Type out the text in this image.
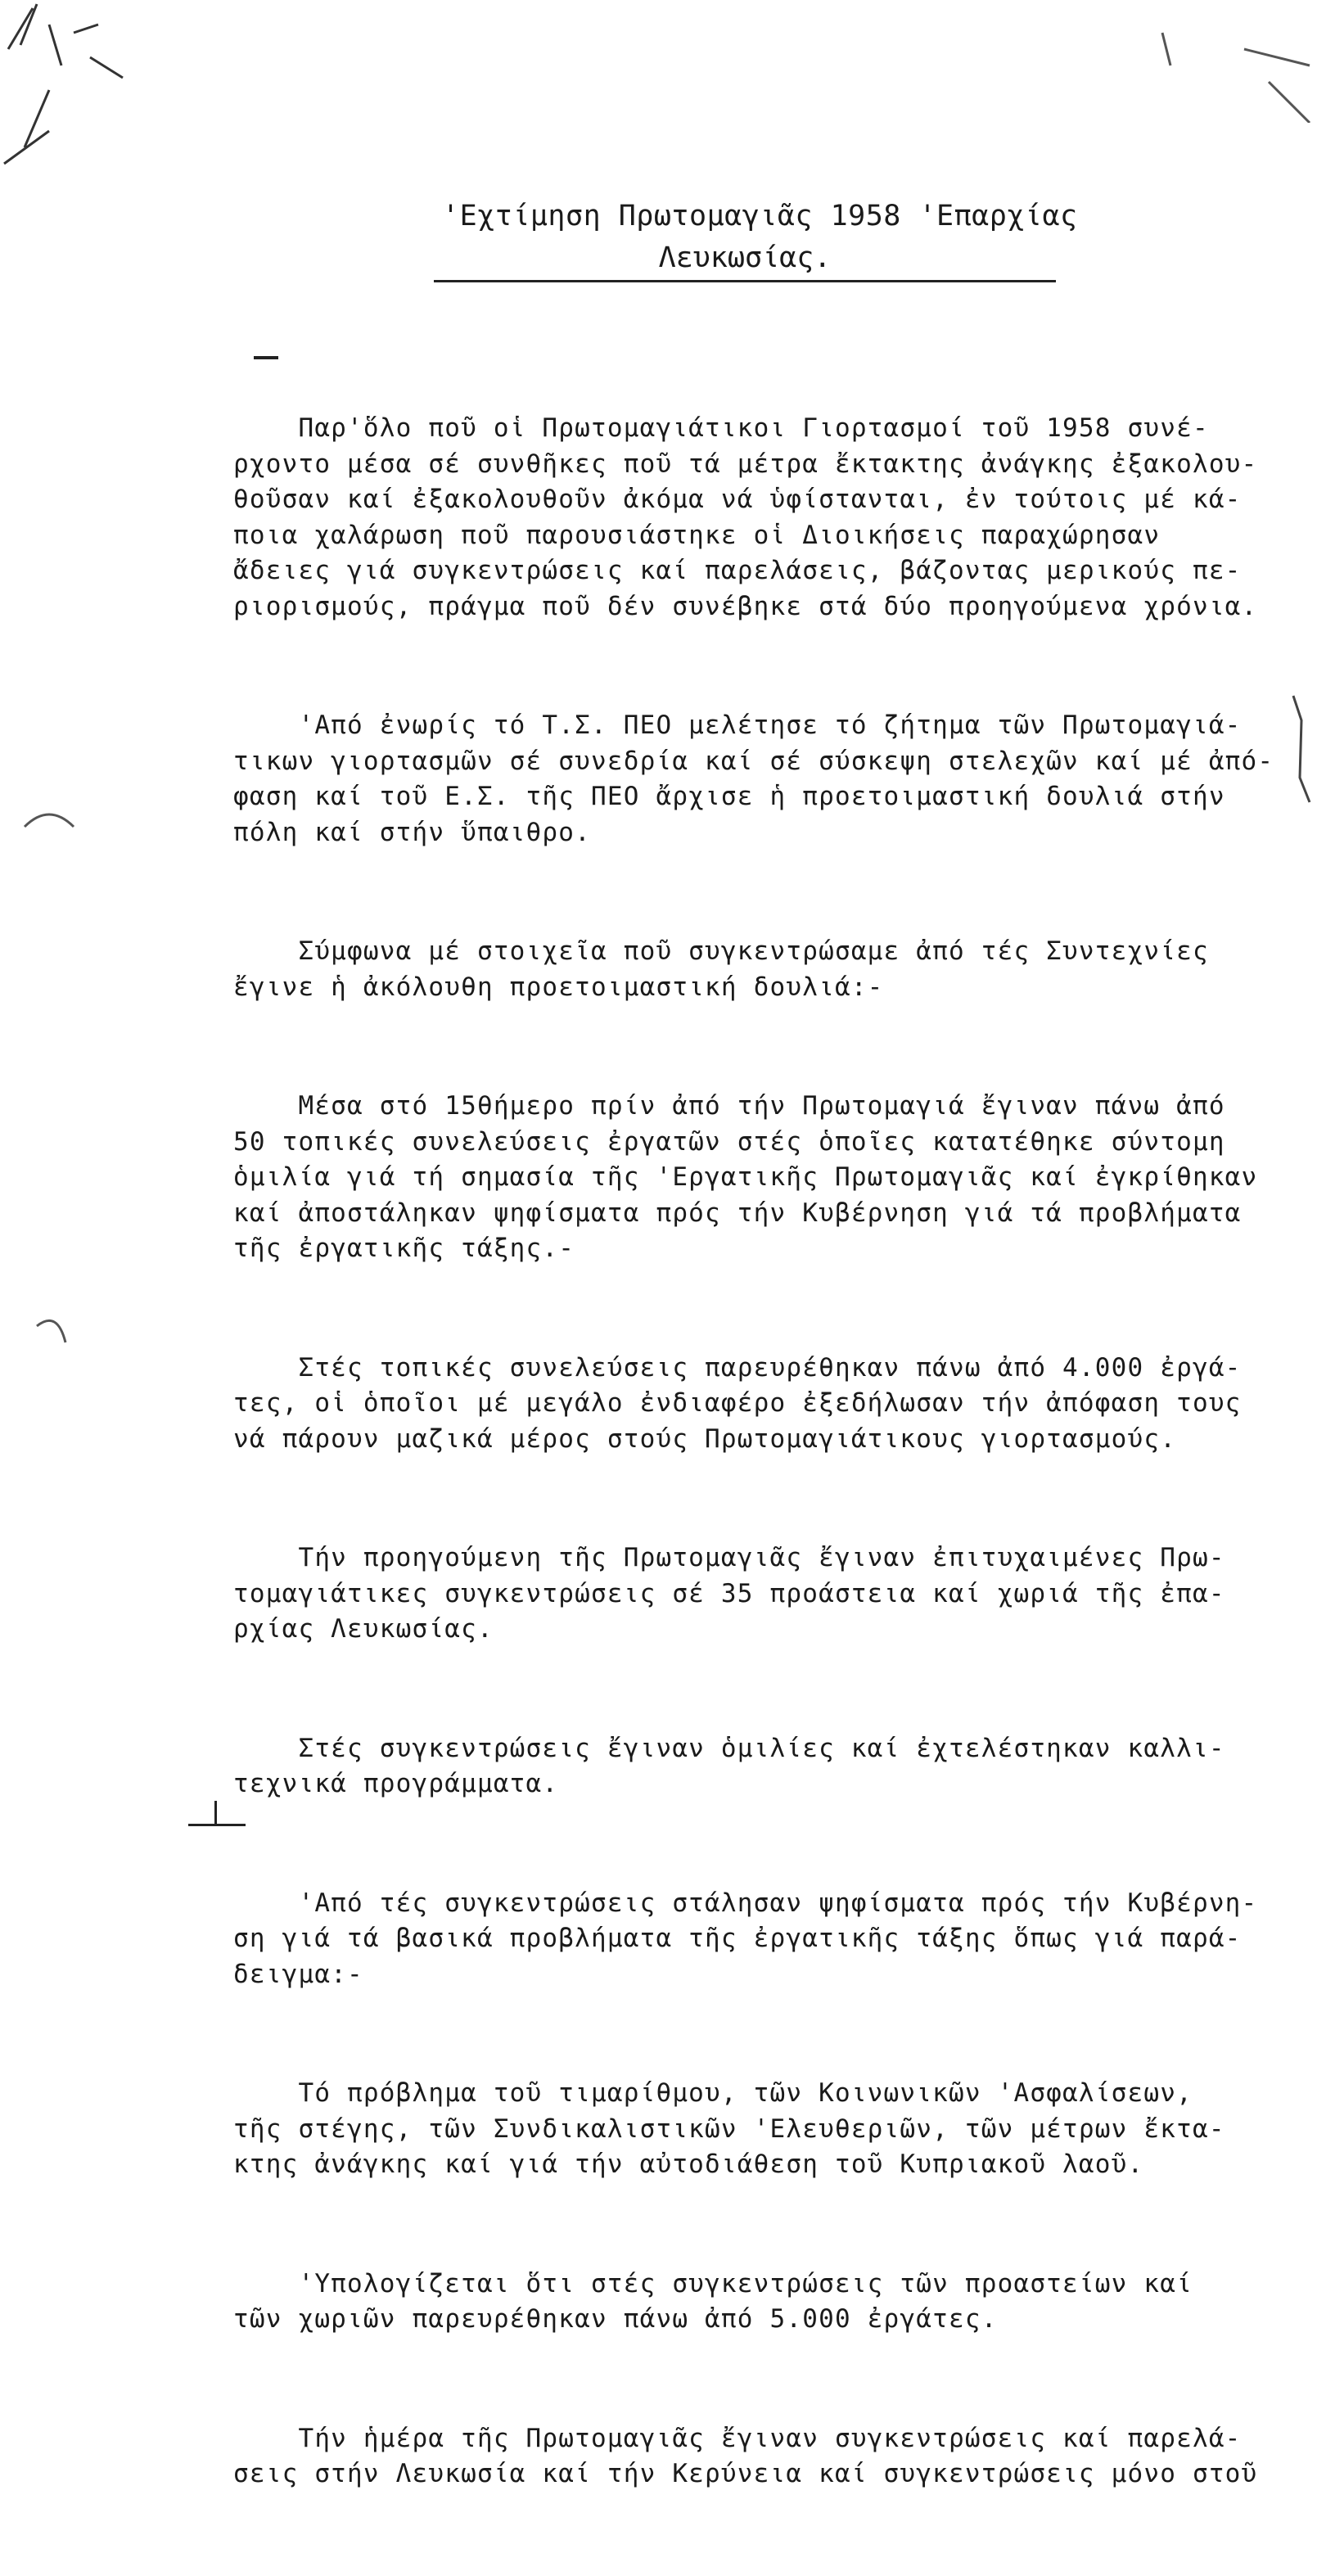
'Εχτίμηση Πρωτομαγιᾶς 1958 'Επαρχίας
Λευκωσίας.

Παρ'ὅλο ποῦ οἱ Πρωτομαγιάτικοι Γιορτασμοί τοῦ 1958 συνέ-
ρχοντο μέσα σέ συνθῆκες ποῦ τά μέτρα ἔκτακτης ἀνάγκης ἐξακολου-
θοῦσαν καί ἐξακολουθοῦν ἀκόμα νά ὑφίστανται, ἐν τούτοις μέ κά-
ποια χαλάρωση ποῦ παρουσιάστηκε οἱ Διοικήσεις παραχώρησαν
ἄδειες γιά συγκεντρώσεις καί παρελάσεις, βάζοντας μερικούς πε-
ριορισμούς, πράγμα ποῦ δέν συνέβηκε στά δύο προηγούμενα χρόνια.

'Από ἐνωρίς τό Τ.Σ. ΠΕΟ μελέτησε τό ζήτημα τῶν Πρωτομαγιά-
τικων γιορτασμῶν σέ συνεδρία καί σέ σύσκεψη στελεχῶν καί μέ ἀπό-
φαση καί τοῦ Ε.Σ. τῆς ΠΕΟ ἄρχισε ἡ προετοιμαστική δουλιά στήν
πόλη καί στήν ὕπαιθρο.

Σύμφωνα μέ στοιχεῖα ποῦ συγκεντρώσαμε ἀπό τές Συντεχνίες
ἔγινε ἡ ἀκόλουθη προετοιμαστική δουλιά:-

Μέσα στό 15θήμερο πρίν ἀπό τήν Πρωτομαγιά ἔγιναν πάνω ἀπό
50 τοπικές συνελεύσεις ἐργατῶν στές ὁποῖες κατατέθηκε σύντομη
ὁμιλία γιά τή σημασία τῆς 'Εργατικῆς Πρωτομαγιᾶς καί ἐγκρίθηκαν
καί ἀποστάληκαν ψηφίσματα πρός τήν Κυβέρνηση γιά τά προβλήματα
τῆς ἐργατικῆς τάξης.-

Στές τοπικές συνελεύσεις παρευρέθηκαν πάνω ἀπό 4.000 ἐργά-
τες, οἱ ὁποῖοι μέ μεγάλο ἐνδιαφέρο ἐξεδήλωσαν τήν ἀπόφαση τους
νά πάρουν μαζικά μέρος στούς Πρωτομαγιάτικους γιορτασμούς.

Τήν προηγούμενη τῆς Πρωτομαγιᾶς ἔγιναν ἐπιτυχαιμένες Πρω-
τομαγιάτικες συγκεντρώσεις σέ 35 προάστεια καί χωριά τῆς ἐπα-
ρχίας Λευκωσίας.

Στές συγκεντρώσεις ἔγιναν ὁμιλίες καί ἐχτελέστηκαν καλλι-
τεχνικά προγράμματα.

'Από τές συγκεντρώσεις στάλησαν ψηφίσματα πρός τήν Κυβέρνη-
ση γιά τά βασικά προβλήματα τῆς ἐργατικῆς τάξης ὅπως γιά παρά-
δειγμα:-

Τό πρόβλημα τοῦ τιμαρίθμου, τῶν Κοινωνικῶν 'Ασφαλίσεων,
τῆς στέγης, τῶν Συνδικαλιστικῶν 'Ελευθεριῶν, τῶν μέτρων ἔκτα-
κτης ἀνάγκης καί γιά τήν αὐτοδιάθεση τοῦ Κυπριακοῦ λαοῦ.

'Υπολογίζεται ὅτι στές συγκεντρώσεις τῶν προαστείων καί
τῶν χωριῶν παρευρέθηκαν πάνω ἀπό 5.000 ἐργάτες.

Τήν ἡμέρα τῆς Πρωτομαγιᾶς ἔγιναν συγκεντρώσεις καί παρελά-
σεις στήν Λευκωσία καί τήν Κερύνεια καί συγκεντρώσεις μόνο στοῦ
